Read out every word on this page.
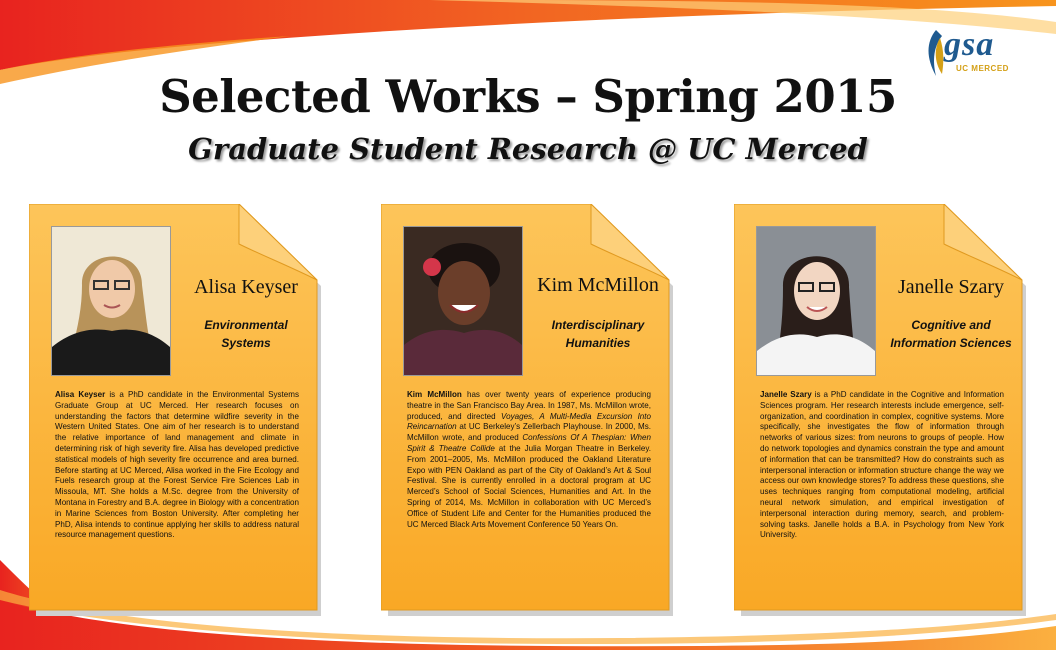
gsa
UC MERCED
Selected Works – Spring 2015
Graduate Student Research @ UC Merced
Alisa Keyser
Environmental
Systems
Alisa Keyser is a PhD candidate in the Environmental Systems Graduate Group at UC Merced. Her research focuses on understanding the factors that determine wildfire severity in the Western United States. One aim of her research is to understand the relative importance of land management and climate in determining risk of high severity fire. Alisa has developed predictive statistical models of high severity fire occurrence and area burned. Before starting at UC Merced, Alisa worked in the Fire Ecology and Fuels research group at the Forest Service Fire Sciences Lab in Missoula, MT. She holds a M.Sc. degree from the University of Montana in Forestry and B.A. degree in Biology with a concentration in Marine Sciences from Boston University. After completing her PhD, Alisa intends to continue applying her skills to address natural resource management questions.
Kim McMillon
Interdisciplinary
Humanities
Kim McMillon has over twenty years of experience producing theatre in the San Francisco Bay Area. In 1987, Ms. McMillon wrote, produced, and directed Voyages, A Multi-Media Excursion Into Reincarnation at UC Berkeley’s Zellerbach Playhouse. In 2000, Ms. McMillon wrote, and produced Confessions Of A Thespian: When Spirit & Theatre Collide at the Julia Morgan Theatre in Berkeley. From 2001–2005, Ms. McMillon produced the Oakland Literature Expo with PEN Oakland as part of the City of Oakland’s Art & Soul Festival. She is currently enrolled in a doctoral program at UC Merced’s School of Social Sciences, Humanities and Art. In the Spring of 2014, Ms. McMillon in collaboration with UC Merced’s Office of Student Life and Center for the Humanities produced the UC Merced Black Arts Movement Conference 50 Years On.
Janelle Szary
Cognitive and
Information Sciences
Janelle Szary is a PhD candidate in the Cognitive and Information Sciences program. Her research interests include emergence, self-organization, and coordination in complex, cognitive systems. More specifically, she investigates the flow of information through networks of various sizes: from neurons to groups of people. How do network topologies and dynamics constrain the type and amount of information that can be transmitted? How do constraints such as interpersonal interaction or information structure change the way we access our own knowledge stores? To address these questions, she uses techniques ranging from computational modeling, artificial neural network simulation, and empirical investigation of interpersonal interaction during memory, search, and problem-solving tasks. Janelle holds a B.A. in Psychology from New York University.
